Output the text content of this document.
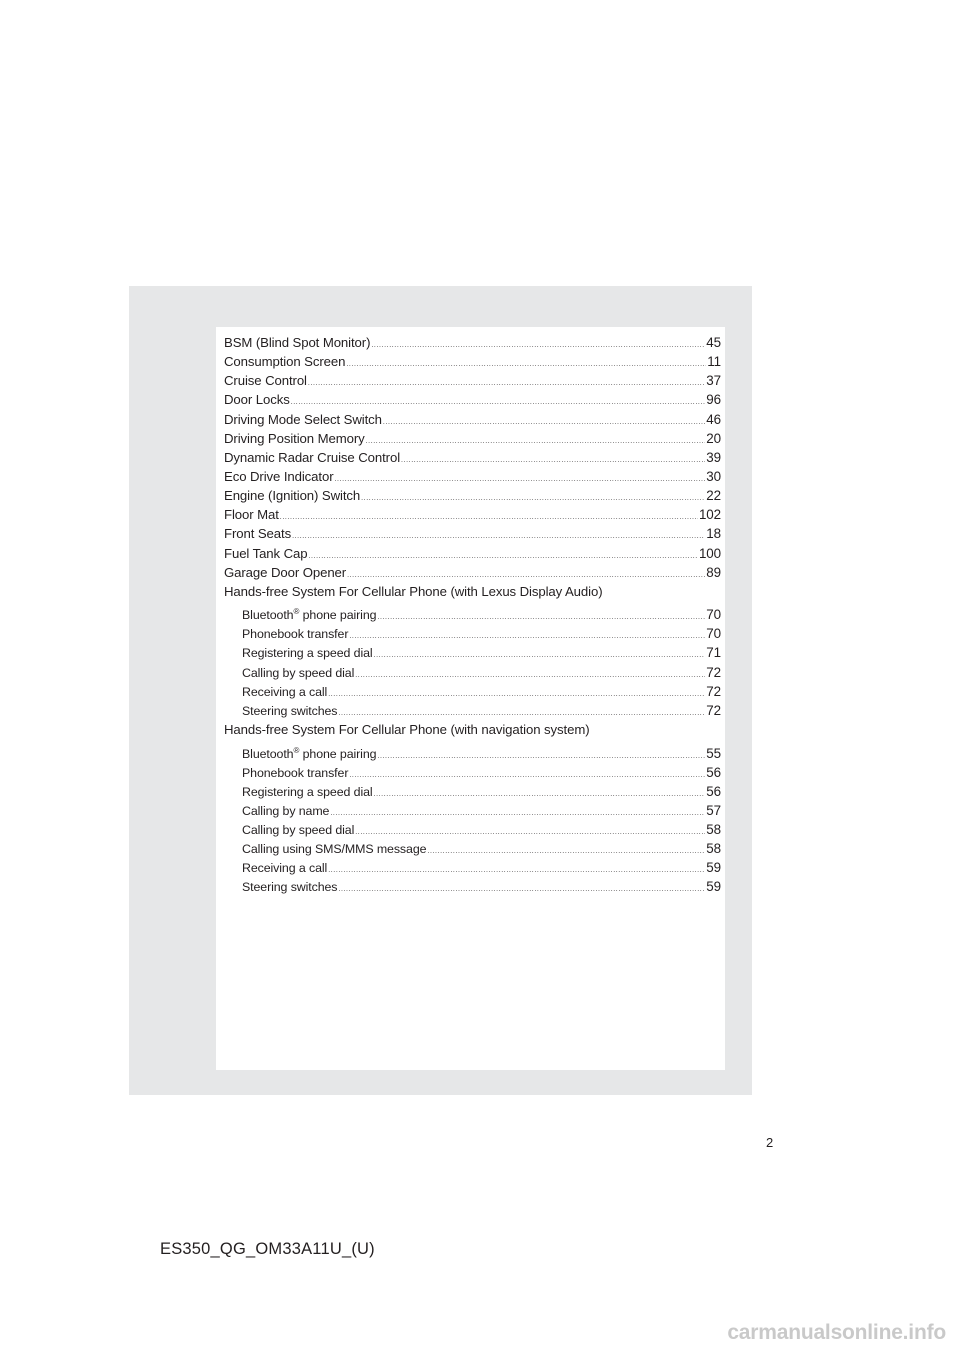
BSM (Blind Spot Monitor) .....	45
Consumption Screen .....	11
Cruise Control .....	37
Door Locks .....	96
Driving Mode Select Switch .....	46
Driving Position Memory .....	20
Dynamic Radar Cruise Control .....	39
Eco Drive Indicator .....	30
Engine (Ignition) Switch .....	22
Floor Mat .....	102
Front Seats .....	18
Fuel Tank Cap .....	100
Garage Door Opener .....	89
Hands-free System For Cellular Phone (with Lexus Display Audio)
Bluetooth® phone pairing .....	70
Phonebook transfer .....	70
Registering a speed dial .....	71
Calling by speed dial .....	72
Receiving a call .....	72
Steering switches .....	72
Hands-free System For Cellular Phone (with navigation system)
Bluetooth® phone pairing .....	55
Phonebook transfer .....	56
Registering a speed dial .....	56
Calling by name .....	57
Calling by speed dial .....	58
Calling using SMS/MMS message .....	58
Receiving a call .....	59
Steering switches .....	59
2
ES350_QG_OM33A11U_(U)
carmanualsonline.info
